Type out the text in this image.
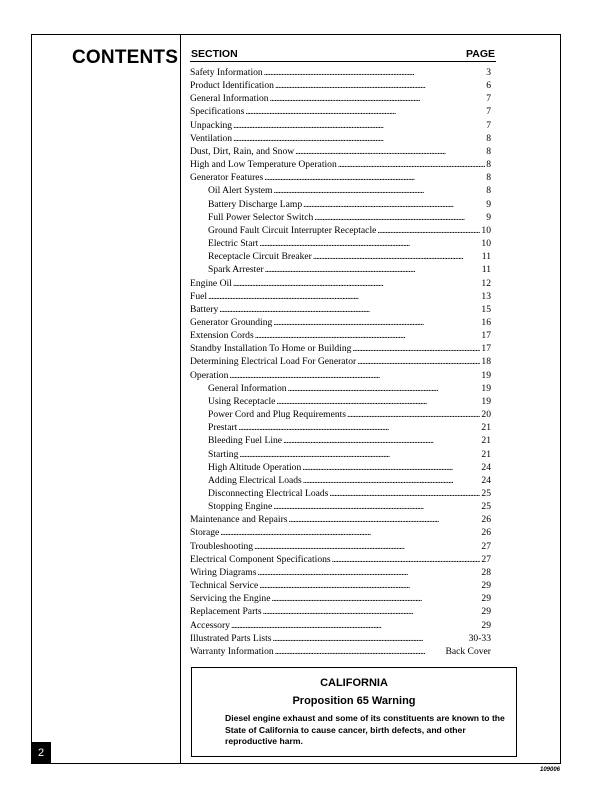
CONTENTS SECTION	PAGE
Safety Information . . .	3
Product Identification . . .	6
General Information . . .	7
Specifications . . .	7
Unpacking . . .	7
Ventilation . . .	8
Dust, Dirt, Rain, and Snow . . .	8
High and Low Temperature Operation . . .	8
Generator Features . . .	8
Oil Alert System . . .	8
Battery Discharge Lamp . . .	9
Full Power Selector Switch . . .	9
Ground Fault Circuit Interrupter Receptacle . . .	10
Electric Start . . .	10
Receptacle Circuit Breaker . . .	11
Spark Arrester . . .	11
Engine Oil . . .	12
Fuel . . .	13
Battery . . .	15
Generator Grounding . . .	16
Extension Cords . . .	17
Standby Installation To Home or Building . . .	17
Determining Electrical Load For Generator . . .	18
Operation . . .	19
General Information . . .	19
Using Receptacle . . .	19
Power Cord and Plug Requirements . . .	20
Prestart . . .	21
Bleeding Fuel Line . . .	21
Starting . . .	21
High Altitude Operation . . .	24
Adding Electrical Loads . . .	24
Disconnecting Electrical Loads . . .	25
Stopping Engine . . .	25
Maintenance and Repairs . . .	26
Storage . . .	26
Troubleshooting . . .	27
Electrical Component Specifications . . .	27
Wiring Diagrams . . .	28
Technical Service . . .	29
Servicing the Engine . . .	29
Replacement Parts . . .	29
Accessory . . .	29
Illustrated Parts Lists . . .	30-33
Warranty Information . . .	Back Cover
CALIFORNIA
Proposition 65 Warning
Diesel engine exhaust and some of its constituents are known to the State of California to cause cancer, birth defects, and other reproductive harm.
2
109006
